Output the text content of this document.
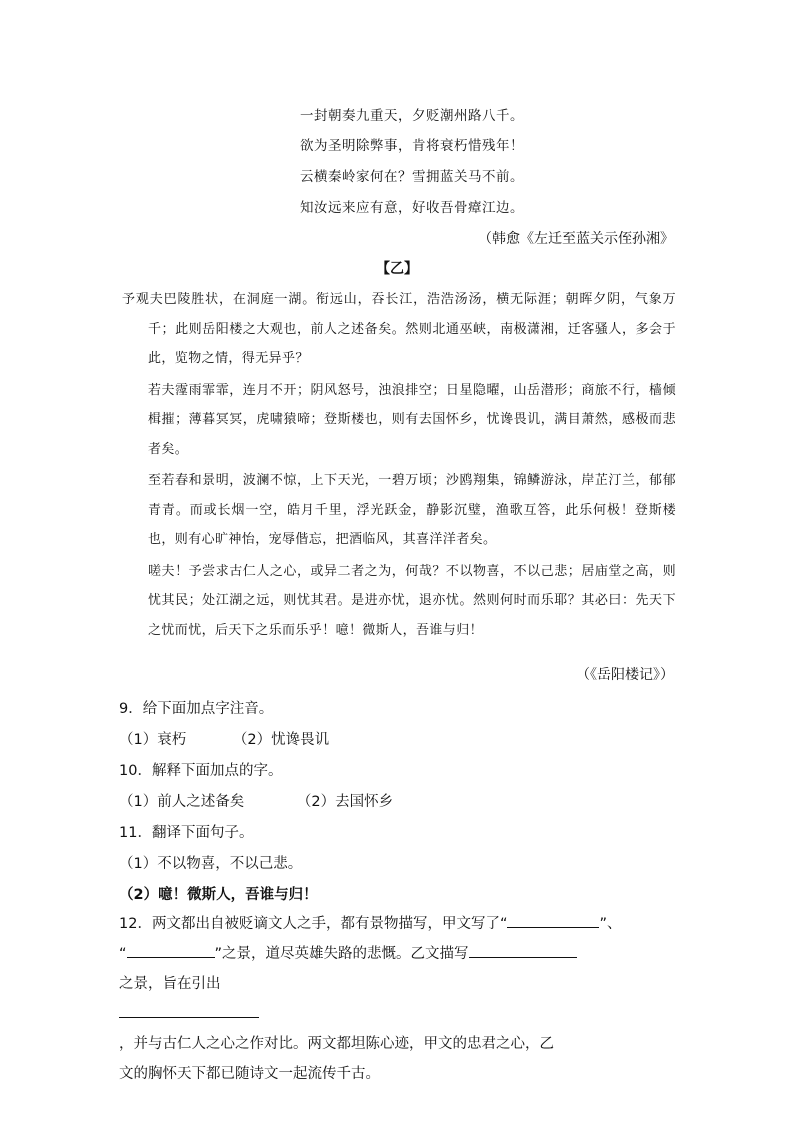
一封朝奏九重天，夕贬潮州路八千。
欲为圣明除弊事，肯将衰朽惜残年！
云横秦岭家何在？雪拥蓝关马不前。
知汝远来应有意，好收吾骨瘴江边。
（韩愈《左迁至蓝关示侄孙湘》
【乙】

予观夫巴陵胜状，在洞庭一湖。衔远山，吞长江，浩浩汤汤，横无际涯；朝晖夕阴，气象万千；此则岳阳楼之大观也，前人之述备矣。然则北通巫峡，南极潇湘，迁客骚人，多会于此，览物之情，得无异乎？

若夫霪雨霏霏，连月不开；阴风怒号，浊浪排空；日星隐曜，山岳潜形；商旅不行，樯倾楫摧；薄暮冥冥，虎啸猿啼；登斯楼也，则有去国怀乡，忧谗畏讥，满目萧然，感极而悲者矣。

至若春和景明，波澜不惊，上下天光，一碧万顷；沙鸥翔集，锦鳞游泳，岸芷汀兰，郁郁青青。而或长烟一空，皓月千里，浮光跃金，静影沉璧，渔歌互答，此乐何极！登斯楼也，则有心旷神怡，宠辱偕忘，把酒临风，其喜洋洋者矣。

嗟夫！予尝求古仁人之心，或异二者之为，何哉？不以物喜，不以己悲；居庙堂之高，则忧其民；处江湖之远，则忧其君。是进亦忧，退亦忧。然则何时而乐耶？其必曰：先天下之忧而忧，后天下之乐而乐乎！噫！微斯人，吾谁与归！

（《岳阳楼记》）
9．给下面加点字注音。
（1）衰朽	（2）忧谗畏讥
10．解释下面加点的字。
（1）前人之述备矣	（2）去国怀乡
11．翻译下面句子。
（1）不以物喜，不以己悲。
（2）噫！微斯人，吾谁与归！
12．两文都出自被贬谪文人之手，都有景物描写，甲文写了“	”、
“	”之景，道尽英雄失路的悲慨。乙文描写之景，旨在引出
，并与古仁人之心之作对比。两文都坦陈心迹，甲文的忠君之心，乙
文的胸怀天下都已随诗文一起流传千古。
